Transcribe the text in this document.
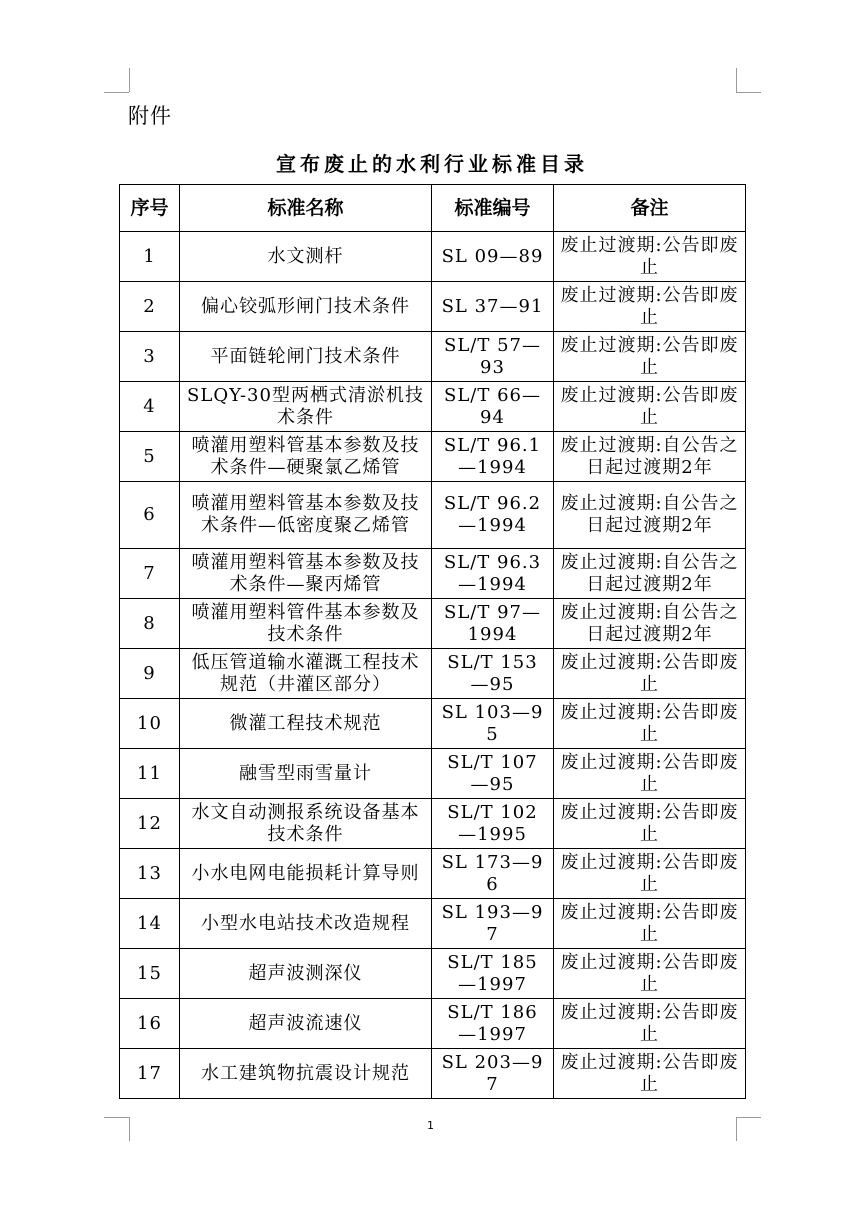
附件
宣布废止的水利行业标准目录
序号	标准名称	标准编号	备注
1	水文测杆	SL 09—89	废止过渡期:公告即废止
2	偏心铰弧形闸门技术条件	SL 37—91	废止过渡期:公告即废止
3	平面链轮闸门技术条件	SL/T 57—93	废止过渡期:公告即废止
4	SLQY-30型两栖式清淤机技术条件	SL/T 66—94	废止过渡期:公告即废止
5	喷灌用塑料管基本参数及技术条件—硬聚氯乙烯管	SL/T 96.1—1994	废止过渡期:自公告之日起过渡期2年
6	喷灌用塑料管基本参数及技术条件—低密度聚乙烯管	SL/T 96.2—1994	废止过渡期:自公告之日起过渡期2年
7	喷灌用塑料管基本参数及技术条件—聚丙烯管	SL/T 96.3—1994	废止过渡期:自公告之日起过渡期2年
8	喷灌用塑料管件基本参数及技术条件	SL/T 97—1994	废止过渡期:自公告之日起过渡期2年
9	低压管道输水灌溉工程技术规范（井灌区部分）	SL/T 153—95	废止过渡期:公告即废止
10	微灌工程技术规范	SL 103—95	废止过渡期:公告即废止
11	融雪型雨雪量计	SL/T 107—95	废止过渡期:公告即废止
12	水文自动测报系统设备基本技术条件	SL/T 102—1995	废止过渡期:公告即废止
13	小水电网电能损耗计算导则	SL 173—96	废止过渡期:公告即废止
14	小型水电站技术改造规程	SL 193—97	废止过渡期:公告即废止
15	超声波测深仪	SL/T 185—1997	废止过渡期:公告即废止
16	超声波流速仪	SL/T 186—1997	废止过渡期:公告即废止
17	水工建筑物抗震设计规范	SL 203—97	废止过渡期:公告即废止
1
